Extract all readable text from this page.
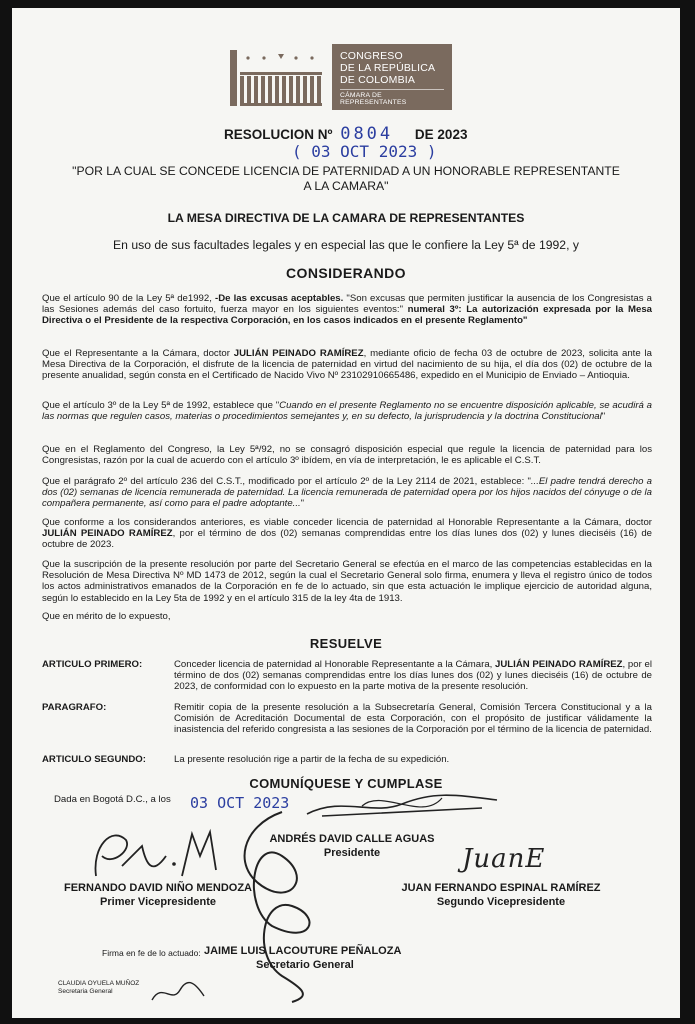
CONGRESO
DE LA REPÚBLICA
DE COLOMBIA
CÁMARA DE REPRESENTANTES
RESOLUCION Nº 0804 DE 2023
( 03 OCT 2023 )
"POR LA CUAL SE CONCEDE LICENCIA DE PATERNIDAD A UN HONORABLE REPRESENTANTE A LA CAMARA"
LA MESA DIRECTIVA DE LA CAMARA DE REPRESENTANTES
En uso de sus facultades legales y en especial las que le confiere la Ley 5ª de 1992, y
CONSIDERANDO
Que el artículo 90 de la Ley 5ª de1992, -De las excusas aceptables. "Son excusas que permiten justificar la ausencia de los Congresistas a las Sesiones además del caso fortuito, fuerza mayor en los siguientes eventos:" numeral 3º: La autorización expresada por la Mesa Directiva o el Presidente de la respectiva Corporación, en los casos indicados en el presente Reglamento"
Que el Representante a la Cámara, doctor JULIÁN PEINADO RAMÍREZ, mediante oficio de fecha 03 de octubre de 2023, solicita ante la Mesa Directiva de la Corporación, el disfrute de la licencia de paternidad en virtud del nacimiento de su hija, el día dos (02) de octubre de la presente anualidad, según consta en el Certificado de Nacido Vivo Nº 23102910665486, expedido en el Municipio de Enviado – Antioquia.
Que el artículo 3º de la Ley 5ª de 1992, establece que "Cuando en el presente Reglamento no se encuentre disposición aplicable, se acudirá a las normas que regulen casos, materias o procedimientos semejantes y, en su defecto, la jurisprudencia y la doctrina Constitucional"
Que en el Reglamento del Congreso, la Ley 5ª/92, no se consagró disposición especial que regule la licencia de paternidad para los Congresistas, razón por la cual de acuerdo con el artículo 3º ibídem, en vía de interpretación, le es aplicable el C.S.T.
Que el parágrafo 2º del artículo 236 del C.S.T., modificado por el artículo 2º de la Ley 2114 de 2021, establece: "...El padre tendrá derecho a dos (02) semanas de licencia remunerada de paternidad. La licencia remunerada de paternidad opera por los hijos nacidos del cónyuge o de la compañera permanente, así como para el padre adoptante..."
Que conforme a los considerandos anteriores, es viable conceder licencia de paternidad al Honorable Representante a la Cámara, doctor JULIÁN PEINADO RAMÍREZ, por el término de dos (02) semanas comprendidas entre los días lunes dos (02) y lunes dieciséis (16) de octubre de 2023.
Que la suscripción de la presente resolución por parte del Secretario General se efectúa en el marco de las competencias establecidas en la Resolución de Mesa Directiva Nº MD 1473 de 2012, según la cual el Secretario General solo firma, enumera y lleva el registro único de todos los actos administrativos emanados de la Corporación en fe de lo actuado, sin que esta actuación le implique ejercicio de autoridad alguna, según lo establecido en la Ley 5ta de 1992 y en el artículo 315 de la ley 4ta de 1913.
Que en mérito de lo expuesto,
RESUELVE
ARTICULO PRIMERO:	Conceder licencia de paternidad al Honorable Representante a la Cámara, JULIÁN PEINADO RAMÍREZ, por el término de dos (02) semanas comprendidas entre los días lunes dos (02) y lunes dieciséis (16) de octubre de 2023, de conformidad con lo expuesto en la parte motiva de la presente resolución.
PARAGRAFO:	Remitir copia de la presente resolución a la Subsecretaría General, Comisión Tercera Constitucional y a la Comisión de Acreditación Documental de esta Corporación, con el propósito de justificar válidamente la inasistencia del referido congresista a las sesiones de la Corporación por el término de la licencia de paternidad.
ARTICULO SEGUNDO:	La presente resolución rige a partir de la fecha de su expedición.
COMUNÍQUESE Y CUMPLASE
Dada en Bogotá D.C., a los 03 OCT 2023
JuanE
ANDRÉS DAVID CALLE AGUAS
Presidente
FERNANDO DAVID NIÑO MENDOZA
Primer Vicepresidente
JUAN FERNANDO ESPINAL RAMÍREZ
Segundo Vicepresidente
Firma en fe de lo actuado: JAIME LUIS LACOUTURE PEÑALOZA
Secretario General
CLAUDIA OYUELA MUÑOZ
Secretaria General
